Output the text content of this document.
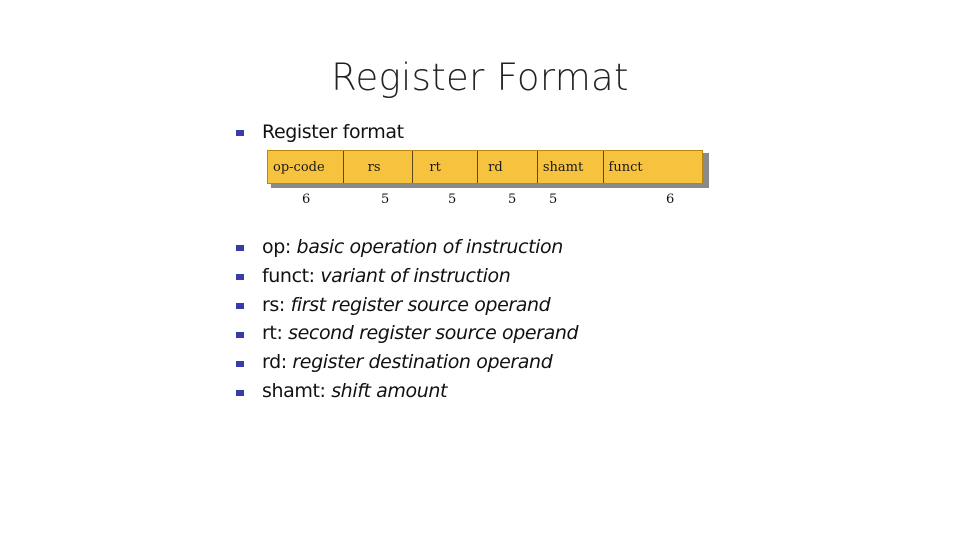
Register Format
Register format
op-code	rs	rt	rd	shamt	funct
6	5	5	5	5	6
op: basic operation of instruction
funct: variant of instruction
rs: first register source operand
rt: second register source operand
rd: register destination operand
shamt: shift amount
